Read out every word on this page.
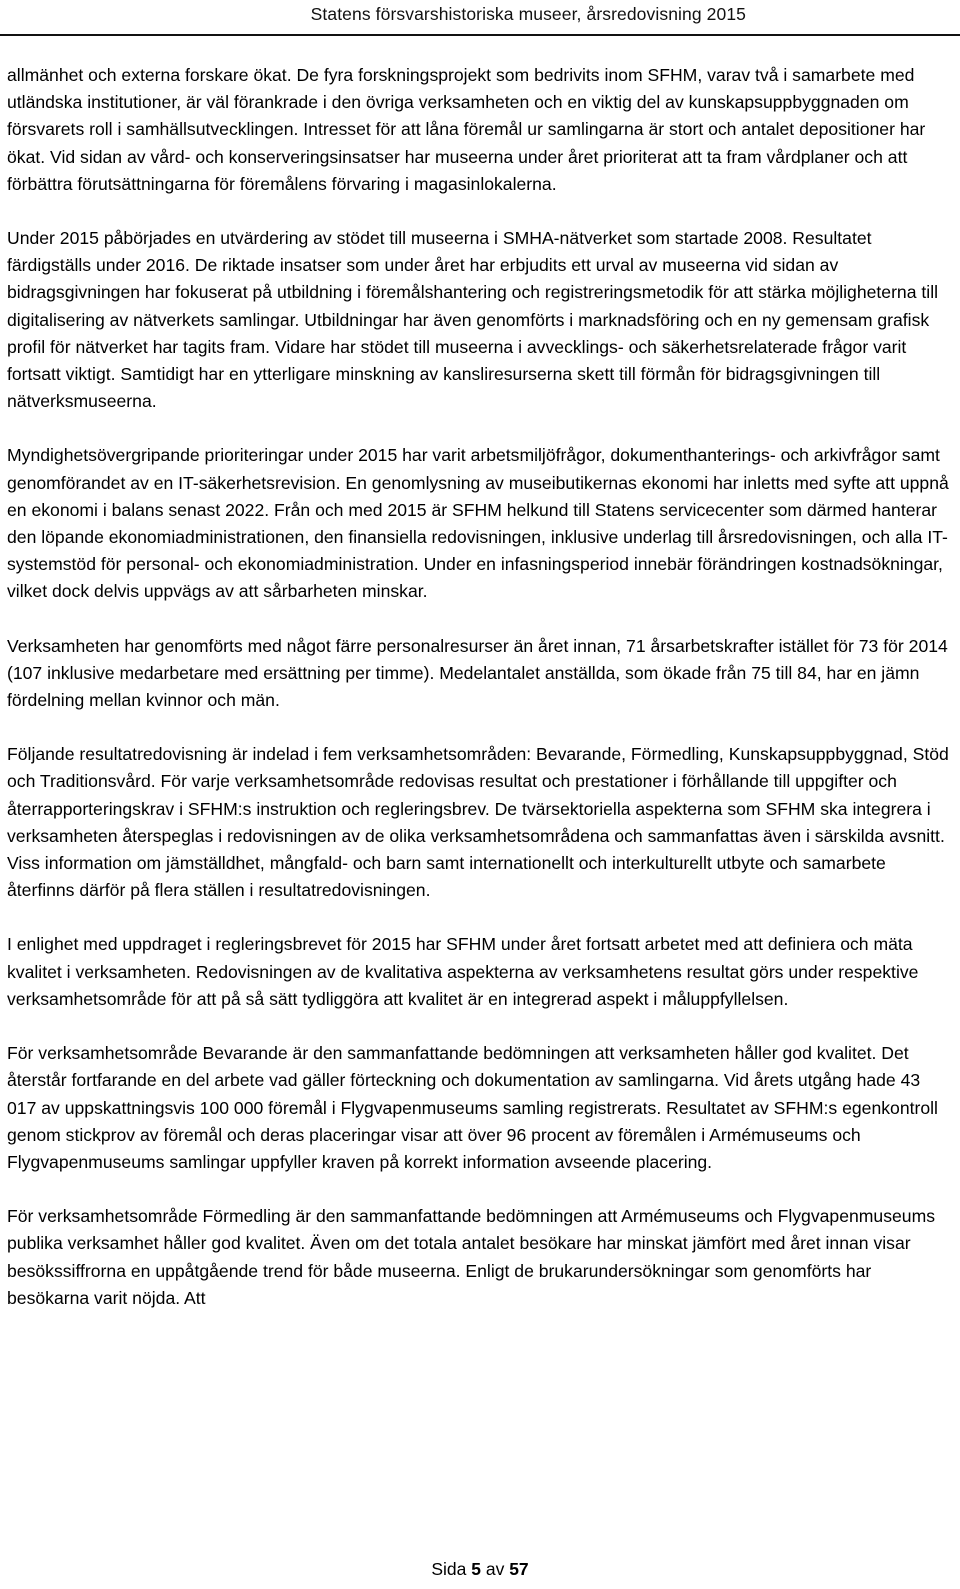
Statens försvarshistoriska museer, årsredovisning 2015

allmänhet och externa forskare ökat. De fyra forskningsprojekt som bedrivits inom SFHM, varav två i samarbete med utländska institutioner, är väl förankrade i den övriga verksamheten och en viktig del av kunskapsuppbyggnaden om försvarets roll i samhällsutvecklingen. Intresset för att låna föremål ur samlingarna är stort och antalet depositioner har ökat. Vid sidan av vård- och konserveringsinsatser har museerna under året prioriterat att ta fram vårdplaner och att förbättra förutsättningarna för föremålens förvaring i magasinlokalerna.

Under 2015 påbörjades en utvärdering av stödet till museerna i SMHA-nätverket som startade 2008. Resultatet färdigställs under 2016. De riktade insatser som under året har erbjudits ett urval av museerna vid sidan av bidragsgivningen har fokuserat på utbildning i föremålshantering och registreringsmetodik för att stärka möjligheterna till digitalisering av nätverkets samlingar. Utbildningar har även genomförts i marknadsföring och en ny gemensam grafisk profil för nätverket har tagits fram. Vidare har stödet till museerna i avvecklings- och säkerhetsrelaterade frågor varit fortsatt viktigt. Samtidigt har en ytterligare minskning av kansliresurserna skett till förmån för bidragsgivningen till nätverksmuseerna.

Myndighetsövergripande prioriteringar under 2015 har varit arbetsmiljöfrågor, dokumenthanterings- och arkivfrågor samt genomförandet av en IT-säkerhetsrevision. En genomlysning av museibutikernas ekonomi har inletts med syfte att uppnå en ekonomi i balans senast 2022. Från och med 2015 är SFHM helkund till Statens servicecenter som därmed hanterar den löpande ekonomiadministrationen, den finansiella redovisningen, inklusive underlag till årsredovisningen, och alla IT-systemstöd för personal- och ekonomiadministration. Under en infasningsperiod innebär förändringen kostnadsökningar, vilket dock delvis uppvägs av att sårbarheten minskar.

Verksamheten har genomförts med något färre personalresurser än året innan, 71 årsarbetskrafter istället för 73 för 2014 (107 inklusive medarbetare med ersättning per timme). Medelantalet anställda, som ökade från 75 till 84, har en jämn fördelning mellan kvinnor och män.

Följande resultatredovisning är indelad i fem verksamhetsområden: Bevarande, Förmedling, Kunskapsuppbyggnad, Stöd och Traditionsvård. För varje verksamhetsområde redovisas resultat och prestationer i förhållande till uppgifter och återrapporteringskrav i SFHM:s instruktion och regleringsbrev. De tvärsektoriella aspekterna som SFHM ska integrera i verksamheten återspeglas i redovisningen av de olika verksamhetsområdena och sammanfattas även i särskilda avsnitt. Viss information om jämställdhet, mångfald- och barn samt internationellt och interkulturellt utbyte och samarbete återfinns därför på flera ställen i resultatredovisningen.

I enlighet med uppdraget i regleringsbrevet för 2015 har SFHM under året fortsatt arbetet med att definiera och mäta kvalitet i verksamheten. Redovisningen av de kvalitativa aspekterna av verksamhetens resultat görs under respektive verksamhetsområde för att på så sätt tydliggöra att kvalitet är en integrerad aspekt i måluppfyllelsen.

För verksamhetsområde Bevarande är den sammanfattande bedömningen att verksamheten håller god kvalitet. Det återstår fortfarande en del arbete vad gäller förteckning och dokumentation av samlingarna. Vid årets utgång hade 43 017 av uppskattningsvis 100 000 föremål i Flygvapenmuseums samling registrerats. Resultatet av SFHM:s egenkontroll genom stickprov av föremål och deras placeringar visar att över 96 procent av föremålen i Armémuseums och Flygvapenmuseums samlingar uppfyller kraven på korrekt information avseende placering.

För verksamhetsområde Förmedling är den sammanfattande bedömningen att Armémuseums och Flygvapenmuseums publika verksamhet håller god kvalitet. Även om det totala antalet besökare har minskat jämfört med året innan visar besökssiffrorna en uppåtgående trend för både museerna. Enligt de brukarundersökningar som genomförts har besökarna varit nöjda. Att

Sida 5 av 57
